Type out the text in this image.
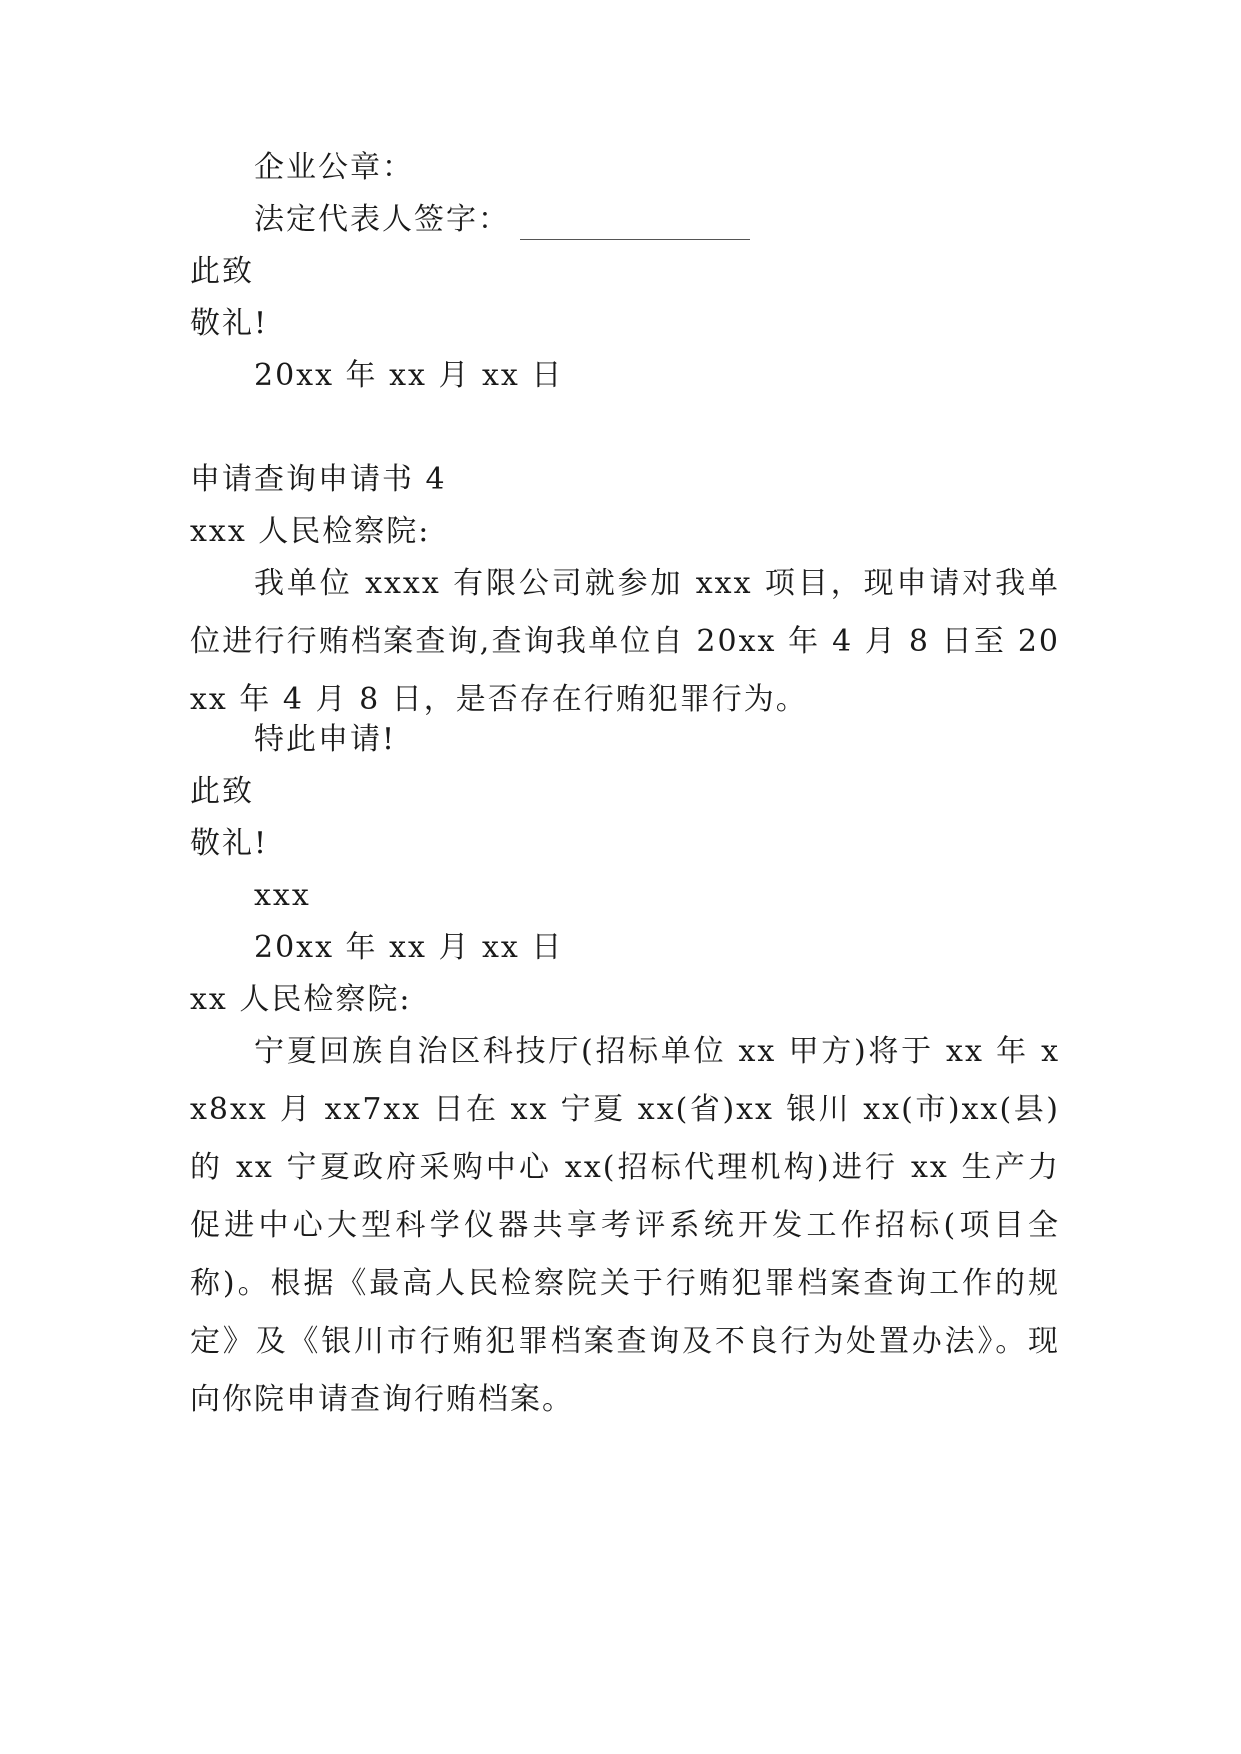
企业公章：
法定代表人签字：
此致
敬礼!
20xx 年 xx 月 xx 日
申请查询申请书 4
xxx 人民检察院:
我单位 xxxx 有限公司就参加 xxx 项目，现申请对我单位进行行贿档案查询,查询我单位自 20xx 年 4 月 8 日至 20xx 年 4 月 8 日，是否存在行贿犯罪行为。
特此申请!
此致
敬礼!
xxx
20xx 年 xx 月 xx 日
xx 人民检察院:
宁夏回族自治区科技厅(招标单位 xx 甲方)将于 xx 年 xx8xx 月 xx7xx 日在 xx 宁夏 xx(省)xx 银川 xx(市)xx(县)的 xx 宁夏政府采购中心 xx(招标代理机构)进行 xx 生产力促进中心大型科学仪器共享考评系统开发工作招标(项目全称)。根据《最高人民检察院关于行贿犯罪档案查询工作的规定》及《银川市行贿犯罪档案查询及不良行为处置办法》。现向你院申请查询行贿档案。
